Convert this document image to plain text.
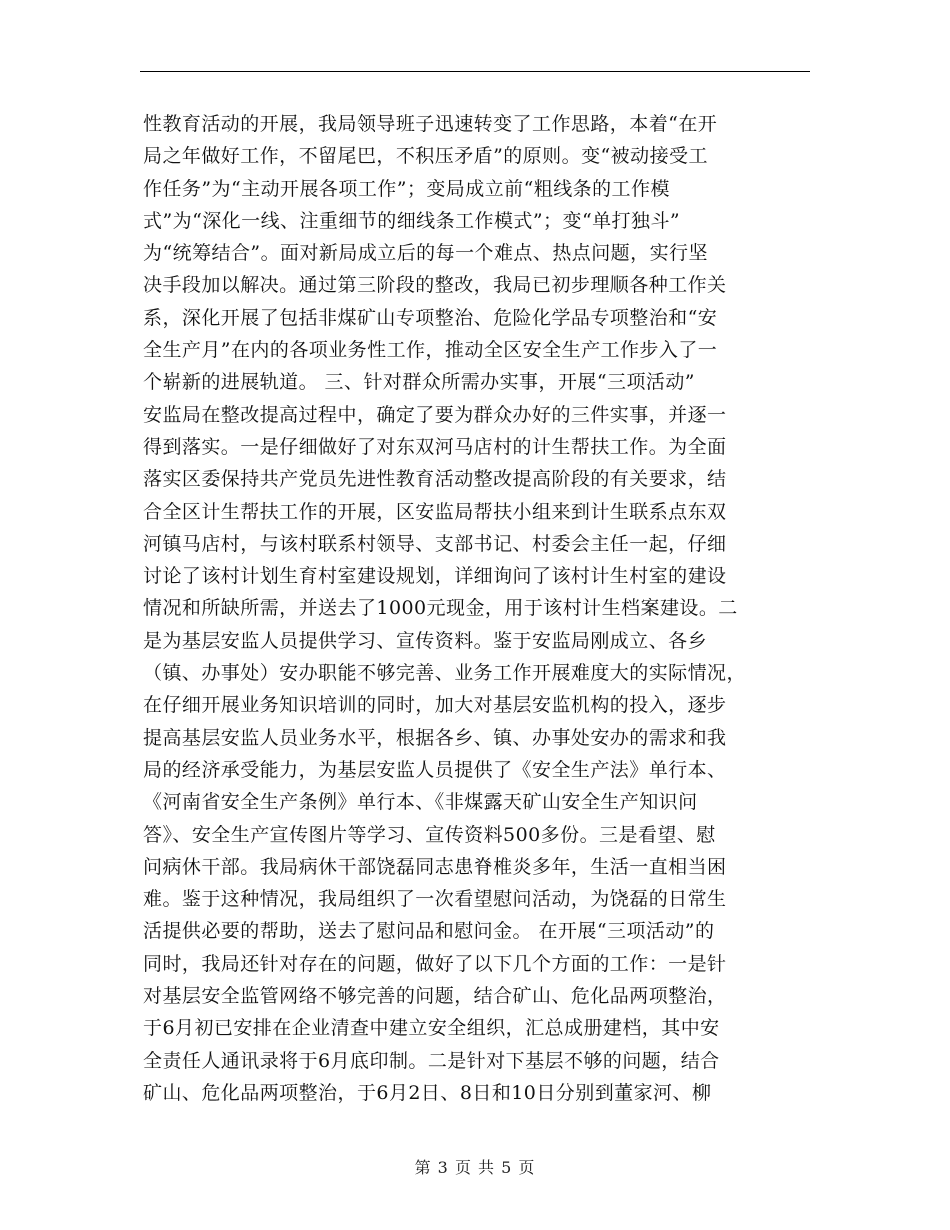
性教育活动的开展，我局领导班子迅速转变了工作思路，本着“在开
局之年做好工作，不留尾巴，不积压矛盾”的原则。变“被动接受工
作任务”为“主动开展各项工作”；变局成立前“粗线条的工作模
式”为“深化一线、注重细节的细线条工作模式”；变“单打独斗”
为“统筹结合”。面对新局成立后的每一个难点、热点问题，实行坚
决手段加以解决。通过第三阶段的整改，我局已初步理顺各种工作关
系，深化开展了包括非煤矿山专项整治、危险化学品专项整治和“安
全生产月”在内的各项业务性工作，推动全区安全生产工作步入了一
个崭新的进展轨道。 三、针对群众所需办实事，开展“三项活动”
安监局在整改提高过程中，确定了要为群众办好的三件实事，并逐一
得到落实。一是仔细做好了对东双河马店村的计生帮扶工作。为全面
落实区委保持共产党员先进性教育活动整改提高阶段的有关要求，结
合全区计生帮扶工作的开展，区安监局帮扶小组来到计生联系点东双
河镇马店村，与该村联系村领导、支部书记、村委会主任一起，仔细
讨论了该村计划生育村室建设规划，详细询问了该村计生村室的建设
情况和所缺所需，并送去了1000元现金，用于该村计生档案建设。二
是为基层安监人员提供学习、宣传资料。鉴于安监局刚成立、各乡
（镇、办事处）安办职能不够完善、业务工作开展难度大的实际情况，
在仔细开展业务知识培训的同时，加大对基层安监机构的投入，逐步
提高基层安监人员业务水平，根据各乡、镇、办事处安办的需求和我
局的经济承受能力，为基层安监人员提供了《安全生产法》单行本、
《河南省安全生产条例》单行本、《非煤露天矿山安全生产知识问
答》、安全生产宣传图片等学习、宣传资料500多份。三是看望、慰
问病休干部。我局病休干部饶磊同志患脊椎炎多年，生活一直相当困
难。鉴于这种情况，我局组织了一次看望慰问活动，为饶磊的日常生
活提供必要的帮助，送去了慰问品和慰问金。 在开展“三项活动”的
同时，我局还针对存在的问题，做好了以下几个方面的工作：一是针
对基层安全监管网络不够完善的问题，结合矿山、危化品两项整治，
于6月初已安排在企业清查中建立安全组织，汇总成册建档，其中安
全责任人通讯录将于6月底印制。二是针对下基层不够的问题，结合
矿山、危化品两项整治，于6月2日、8日和10日分别到董家河、柳
第 3 页 共 5 页
